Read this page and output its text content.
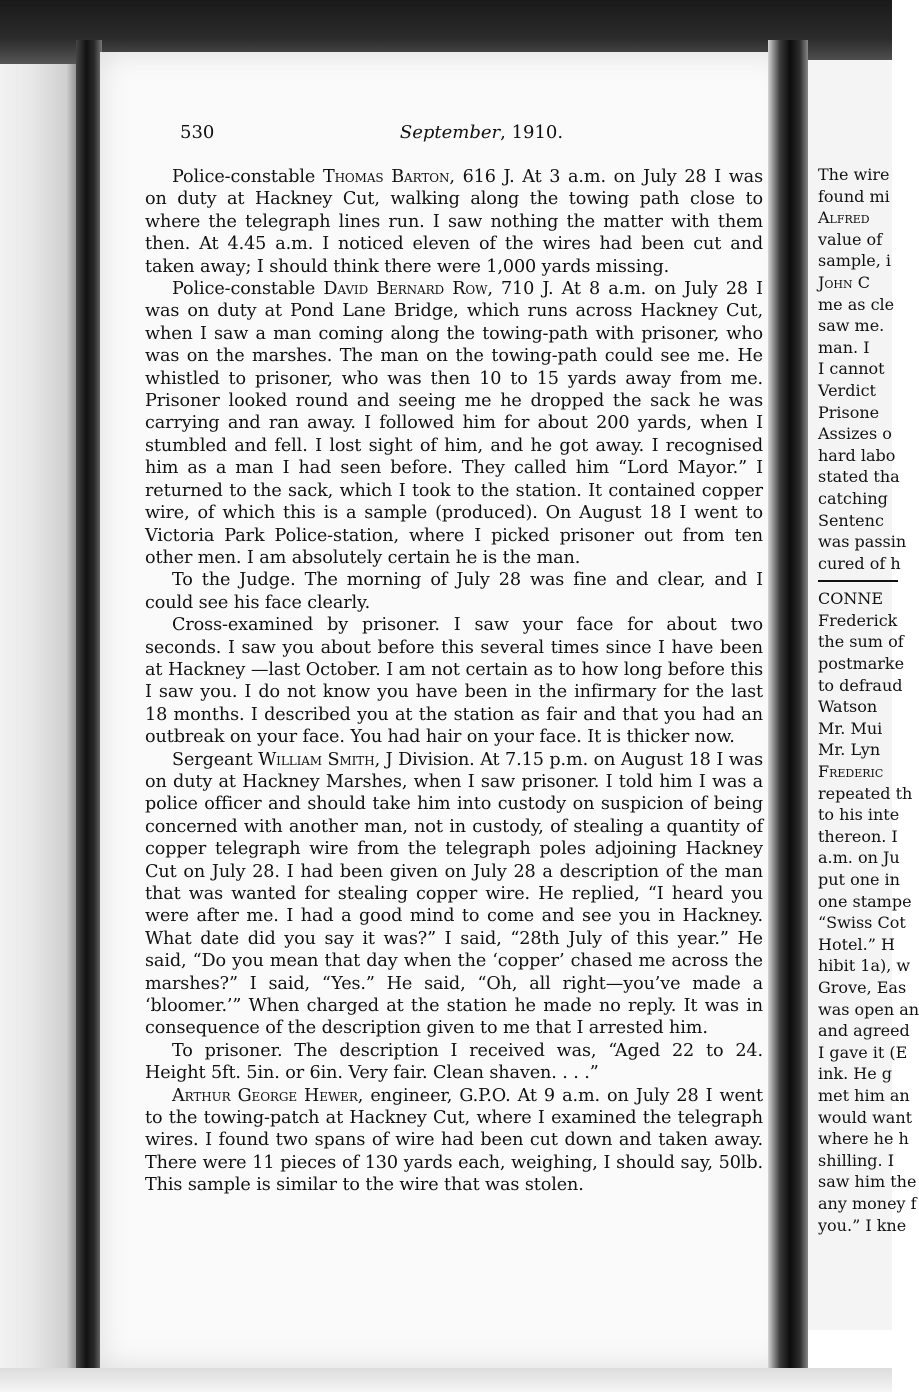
530	September, 1910.

Police-constable Thomas Barton, 616 J. At 3 a.m. on July 28 I was on duty at Hackney Cut, walking along the towing path close to where the telegraph lines run. I saw nothing the matter with them then. At 4.45 a.m. I noticed eleven of the wires had been cut and taken away; I should think there were 1,000 yards missing.

Police-constable David Bernard Row, 710 J. At 8 a.m. on July 28 I was on duty at Pond Lane Bridge, which runs across Hackney Cut, when I saw a man coming along the towing-path with prisoner, who was on the marshes. The man on the towing-path could see me. He whistled to prisoner, who was then 10 to 15 yards away from me. Prisoner looked round and seeing me he dropped the sack he was carrying and ran away. I followed him for about 200 yards, when I stumbled and fell. I lost sight of him, and he got away. I recognised him as a man I had seen before. They called him “Lord Mayor.” I returned to the sack, which I took to the station. It contained copper wire, of which this is a sample (produced). On August 18 I went to Victoria Park Police-station, where I picked prisoner out from ten other men. I am absolutely certain he is the man.

To the Judge. The morning of July 28 was fine and clear, and I could see his face clearly.

Cross-examined by prisoner. I saw your face for about two seconds. I saw you about before this several times since I have been at Hackney —last October. I am not certain as to how long before this I saw you. I do not know you have been in the infirmary for the last 18 months. I described you at the station as fair and that you had an outbreak on your face. You had hair on your face. It is thicker now.

Sergeant William Smith, J Division. At 7.15 p.m. on August 18 I was on duty at Hackney Marshes, when I saw prisoner. I told him I was a police officer and should take him into custody on suspicion of being concerned with another man, not in custody, of stealing a quantity of copper telegraph wire from the telegraph poles adjoining Hackney Cut on July 28. I had been given on July 28 a description of the man that was wanted for stealing copper wire. He replied, “I heard you were after me. I had a good mind to come and see you in Hackney. What date did you say it was?” I said, “28th July of this year.” He said, “Do you mean that day when the ‘copper’ chased me across the marshes?” I said, “Yes.” He said, “Oh, all right—you’ve made a ‘bloomer.’” When charged at the station he made no reply. It was in consequence of the description given to me that I arrested him.

To prisoner. The description I received was, “Aged 22 to 24. Height 5ft. 5in. or 6in. Very fair. Clean shaven. . . .”

Arthur George Hewer, engineer, G.P.O. At 9 a.m. on July 28 I went to the towing-patch at Hackney Cut, where I examined the telegraph wires. I found two spans of wire had been cut down and taken away. There were 11 pieces of 130 yards each, weighing, I should say, 50lb. This sample is similar to the wire that was stolen.

The wire
found mi
Alfred
value of
sample, i
John C
me as cle
saw me.
man. I
I cannot
Verdict
Prisone
Assizes o
hard labo
stated tha
catching
Sentenc
was passin
cured of h
CONNE
Frederick
the sum of
postmarke
to defraud
Watson
Mr. Mui
Mr. Lyn
Frederic
repeated th
to his inte
thereon. I
a.m. on Ju
put one in
one stampe
“Swiss Cot
Hotel.” H
hibit 1a), w
Grove, Eas
was open an
and agreed
I gave it (E
ink. He g
met him an
would want
where he h
shilling. I
saw him the
any money f
you.” I kne
